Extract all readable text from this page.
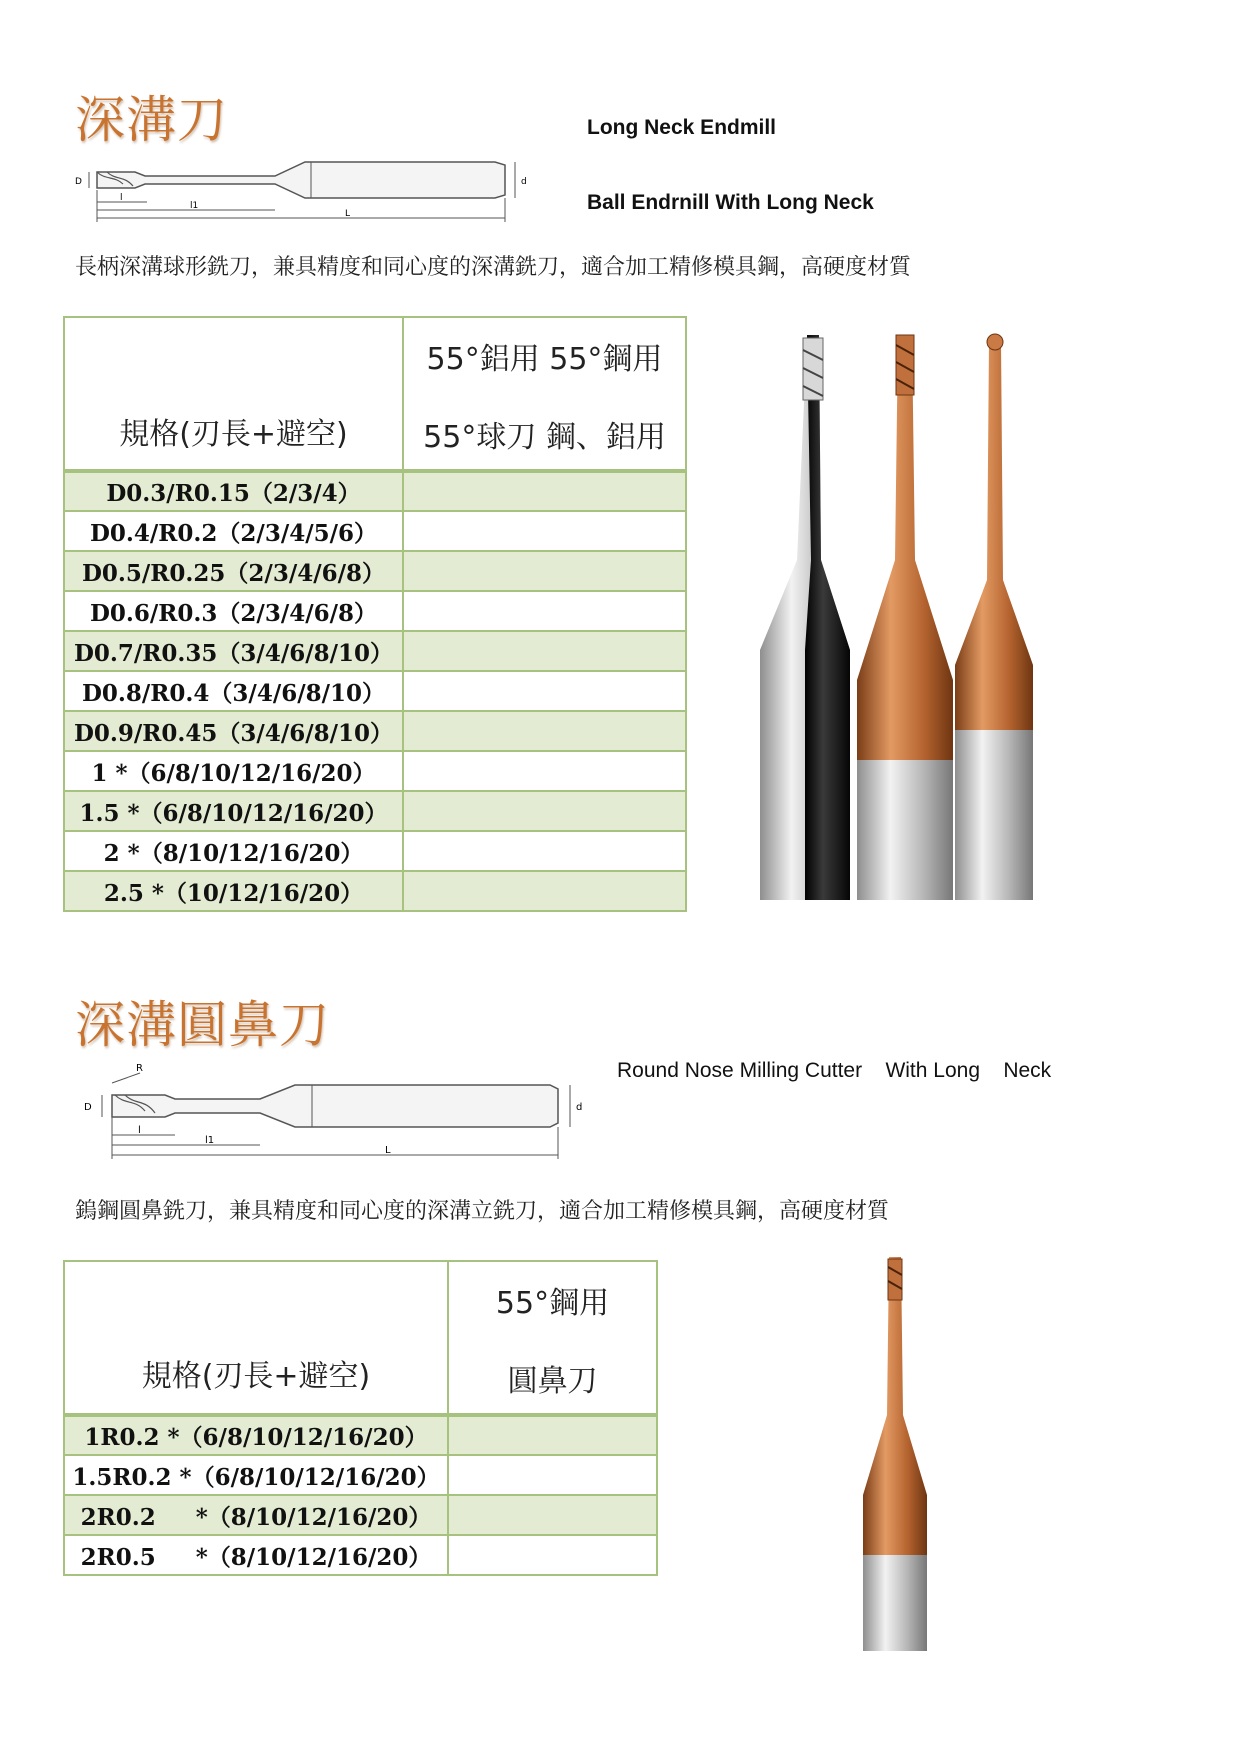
深溝刀	Long Neck Endmill
Ball Endrnill With Long Neck
D	d
l
l1
L
長柄深溝球形銑刀，兼具精度和同心度的深溝銑刀，適合加工精修模具鋼，高硬度材質
規格(刃長+避空)	55°鋁用 55°鋼用
55°球刀 鋼、鋁用

D0.3/R0.15（2/3/4）	
D0.4/R0.2（2/3/4/5/6）	
D0.5/R0.25（2/3/4/6/8）	
D0.6/R0.3（2/3/4/6/8）	
D0.7/R0.35（3/4/6/8/10）	
D0.8/R0.4（3/4/6/8/10）	
D0.9/R0.45（3/4/6/8/10）	
1 *（6/8/10/12/16/20）	
1.5 *（6/8/10/12/16/20）	
2 *（8/10/12/16/20）	
2.5 *（10/12/16/20）	
深溝圓鼻刀
Round Nose Milling Cutter    With Long    Neck
R
D	d
l
l1
L
鎢鋼圓鼻銑刀，兼具精度和同心度的深溝立銑刀，適合加工精修模具鋼，高硬度材質
規格(刃長+避空)	55°鋼用
圓鼻刀

1R0.2 *（6/8/10/12/16/20）	
1.5R0.2 *（6/8/10/12/16/20）	
2R0.2     *（8/10/12/16/20）	
2R0.5     *（8/10/12/16/20）	
